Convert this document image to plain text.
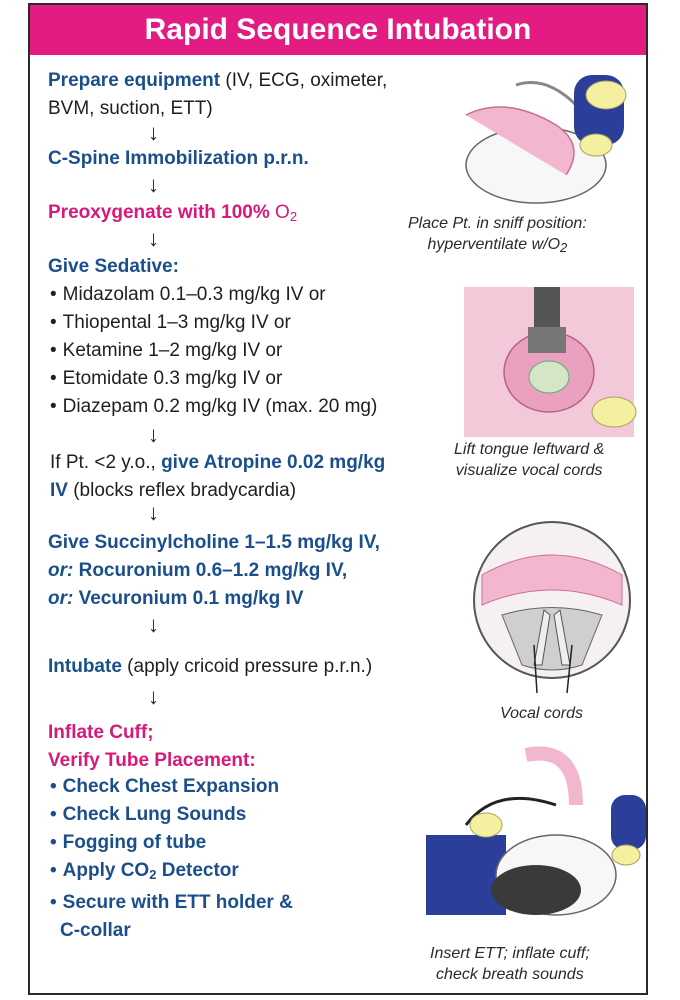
Rapid Sequence Intubation
Prepare equipment (IV, ECG, oximeter,
BVM, suction, ETT)
↓
C-Spine Immobilization p.r.n.
↓
Preoxygenate with 100% $O_2$
↓
Give Sedative:
• Midazolam 0.1–0.3 mg/kg IV or
• Thiopental 1–3 mg/kg IV or
• Ketamine 1–2 mg/kg IV or
• Etomidate 0.3 mg/kg IV or
• Diazepam 0.2 mg/kg IV (max. 20 mg)
↓
If Pt. <2 y.o., give Atropine 0.02 mg/kg
IV (blocks reflex bradycardia)
↓
Give Succinylcholine 1–1.5 mg/kg IV,
or: Rocuronium 0.6–1.2 mg/kg IV,
or: Vecuronium 0.1 mg/kg IV
↓
Intubate (apply cricoid pressure p.r.n.)
↓
Inflate Cuff;
Verify Tube Placement:
• Check Chest Expansion
• Check Lung Sounds
• Fogging of tube
• Apply $CO_2$ Detector
• Secure with ETT holder &
C-collar
Place Pt. in sniff position:
hyperventilate $w/O_2$
Lift tongue leftward &
visualize vocal cords
Vocal cords
Insert ETT; inflate cuff;
check breath sounds
